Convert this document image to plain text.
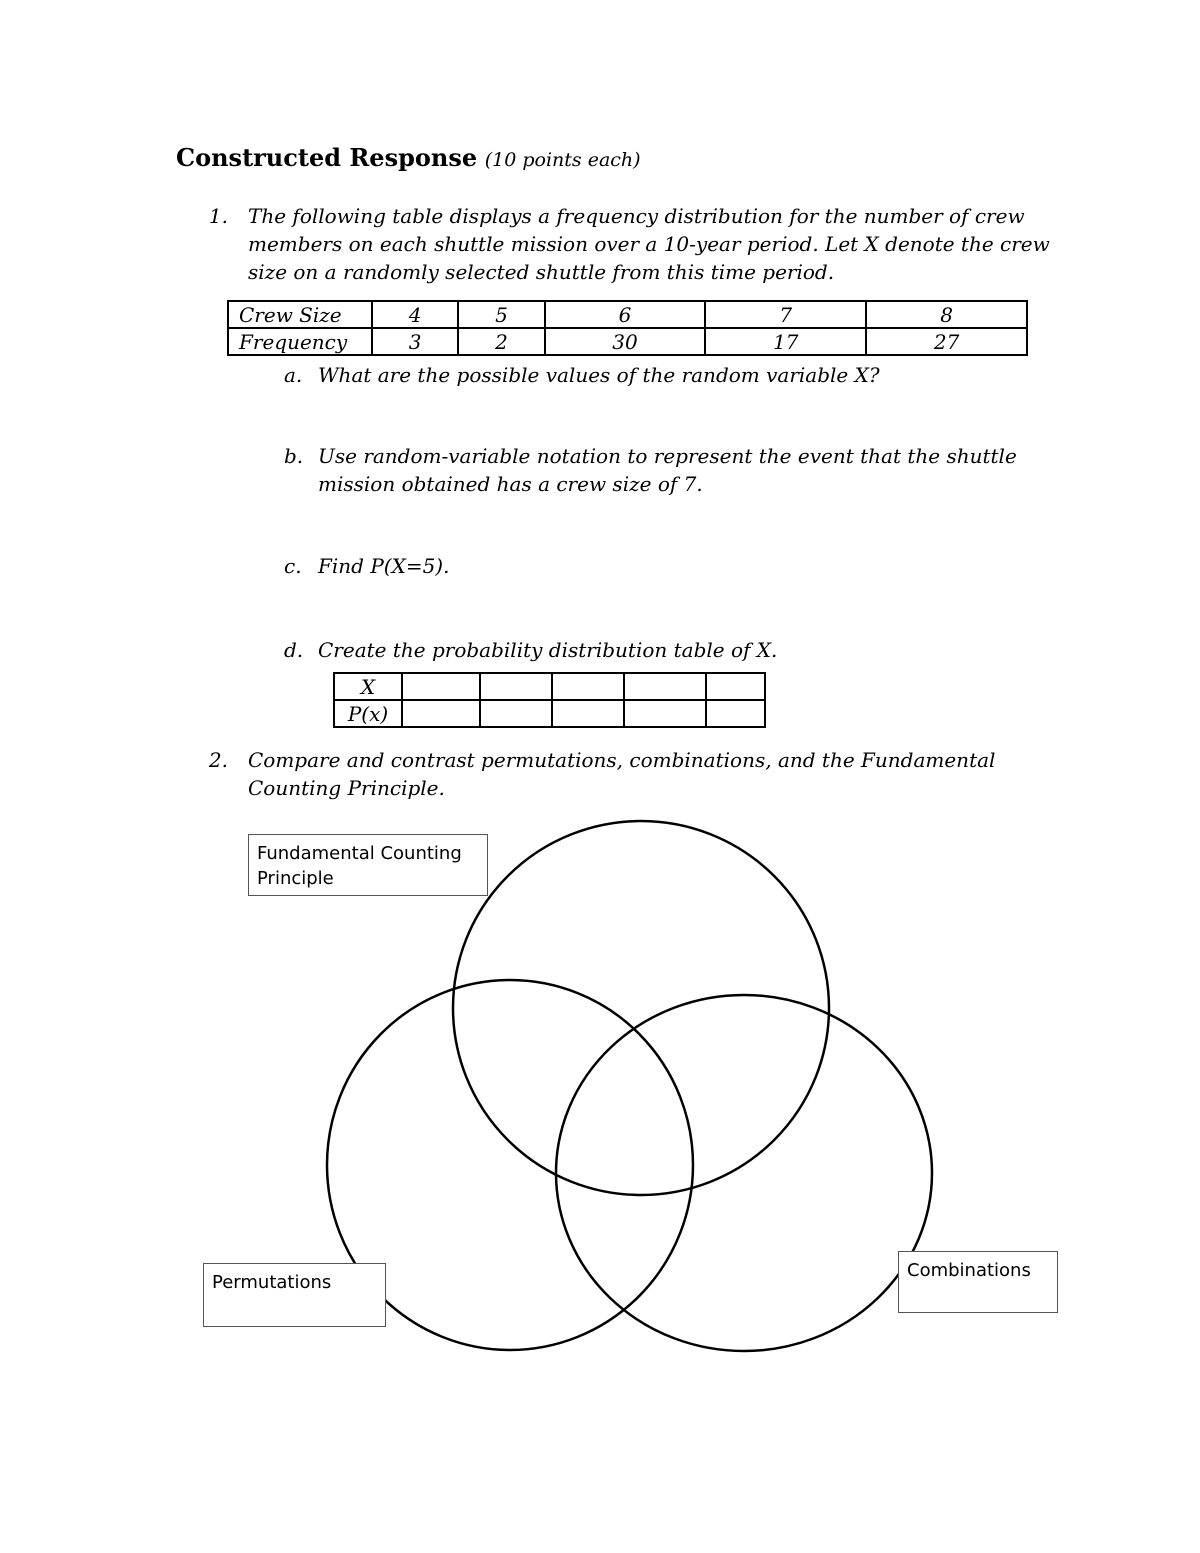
Constructed Response (10 points each)
1. The following table displays a frequency distribution for the number of crew
members on each shuttle mission over a 10-year period. Let X denote the crew
size on a randomly selected shuttle from this time period.
Crew Size	4	5	6	7	8
Frequency	3	2	30	17	27
a. What are the possible values of the random variable X?
b. Use random-variable notation to represent the event that the shuttle
mission obtained has a crew size of 7.
c. Find P(X=5).
d. Create the probability distribution table of X.
X					
P(x)					
2. Compare and contrast permutations, combinations, and the Fundamental
Counting Principle.
Fundamental Counting
Principle
Permutations
Combinations
